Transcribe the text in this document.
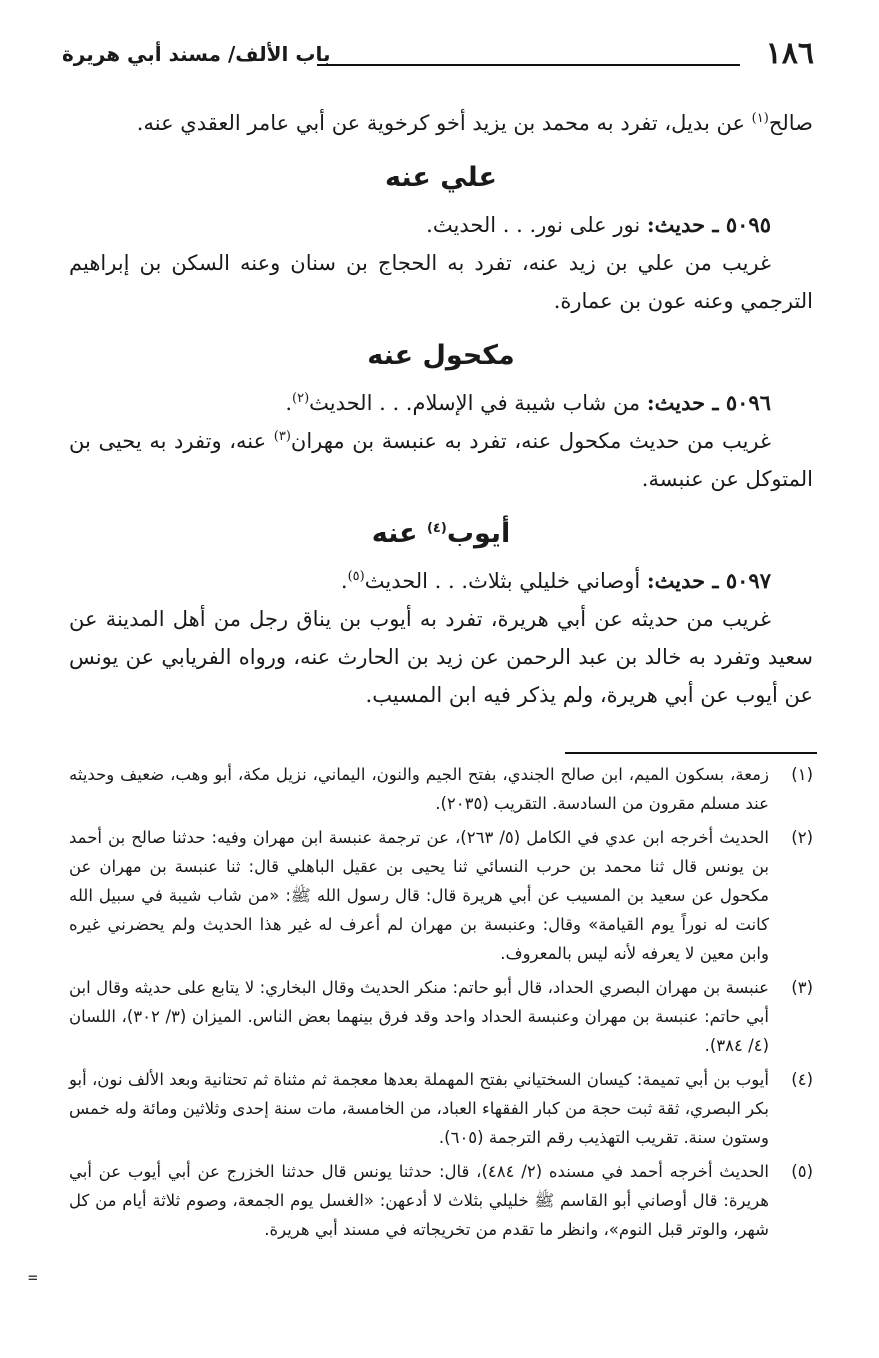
١٨٦
باب الألف/ مسند أبي هريرة

صالح$^{(١)}$ عن بديل، تفرد به محمد بن يزيد أخو كرخوية عن أبي عامر العقدي عنه.

علي عنه

٥٠٩٥ ـ حديث: نور على نور. . . الحديث.

غريب من علي بن زيد عنه، تفرد به الحجاج بن سنان وعنه السكن بن إبراهيم الترجمي وعنه عون بن عمارة.

مكحول عنه

٥٠٩٦ ـ حديث: من شاب شيبة في الإسلام. . . الحديث$^{(٢)}$.

غريب من حديث مكحول عنه، تفرد به عنبسة بن مهران$^{(٣)}$ عنه، وتفرد به يحيى بن المتوكل عن عنبسة.

أيوب$^{(٤)}$ عنه

٥٠٩٧ ـ حديث: أوصاني خليلي بثلاث. . . الحديث$^{(٥)}$.

غريب من حديثه عن أبي هريرة، تفرد به أيوب بن يناق رجل من أهل المدينة عن سعيد وتفرد به خالد بن عبد الرحمن عن زيد بن الحارث عنه، ورواه الفريابي عن يونس عن أيوب عن أبي هريرة، ولم يذكر فيه ابن المسيب.

(١)
زمعة، بسكون الميم، ابن صالح الجندي، بفتح الجيم والنون، اليماني، نزيل مكة، أبو وهب، ضعيف وحديثه عند مسلم مقرون من السادسة. التقريب (٢٠٣٥).
(٢)
الحديث أخرجه ابن عدي في الكامل (٥/ ٢٦٣)، عن ترجمة عنبسة ابن مهران وفيه: حدثنا صالح بن أحمد بن يونس قال ثنا محمد بن حرب النسائي ثنا يحيى بن عقيل الباهلي قال: ثنا عنبسة بن مهران عن مكحول عن سعيد بن المسيب عن أبي هريرة قال: قال رسول الله ﷺ: «من شاب شيبة في سبيل الله كانت له نوراً يوم القيامة» وقال: وعنبسة بن مهران لم أعرف له غير هذا الحديث ولم يحضرني غيره وابن معين لا يعرفه لأنه ليس بالمعروف.
(٣)
عنبسة بن مهران البصري الحداد، قال أبو حاتم: منكر الحديث وقال البخاري: لا يتابع على حديثه وقال ابن أبي حاتم: عنبسة بن مهران وعنبسة الحداد واحد وقد فرق بينهما بعض الناس. الميزان (٣/ ٣٠٢)، اللسان (٤/ ٣٨٤).
(٤)
أيوب بن أبي تميمة: كيسان السختياني بفتح المهملة بعدها معجمة ثم مثناة ثم تحتانية وبعد الألف نون، أبو بكر البصري، ثقة ثبت حجة من كبار الفقهاء العباد، من الخامسة، مات سنة إحدى وثلاثين ومائة وله خمس وستون سنة. تقريب التهذيب رقم الترجمة (٦٠٥).
(٥)
الحديث أخرجه أحمد في مسنده (٢/ ٤٨٤)، قال: حدثنا يونس قال حدثنا الخزرج عن أبي أيوب عن أبي هريرة: قال أوصاني أبو القاسم ﷺ خليلي بثلاث لا أدعهن: «الغسل يوم الجمعة، وصوم ثلاثة أيام من كل شهر، والوتر قبل النوم»، وانظر ما تقدم من تخريجاته في مسند أبي هريرة.
=
